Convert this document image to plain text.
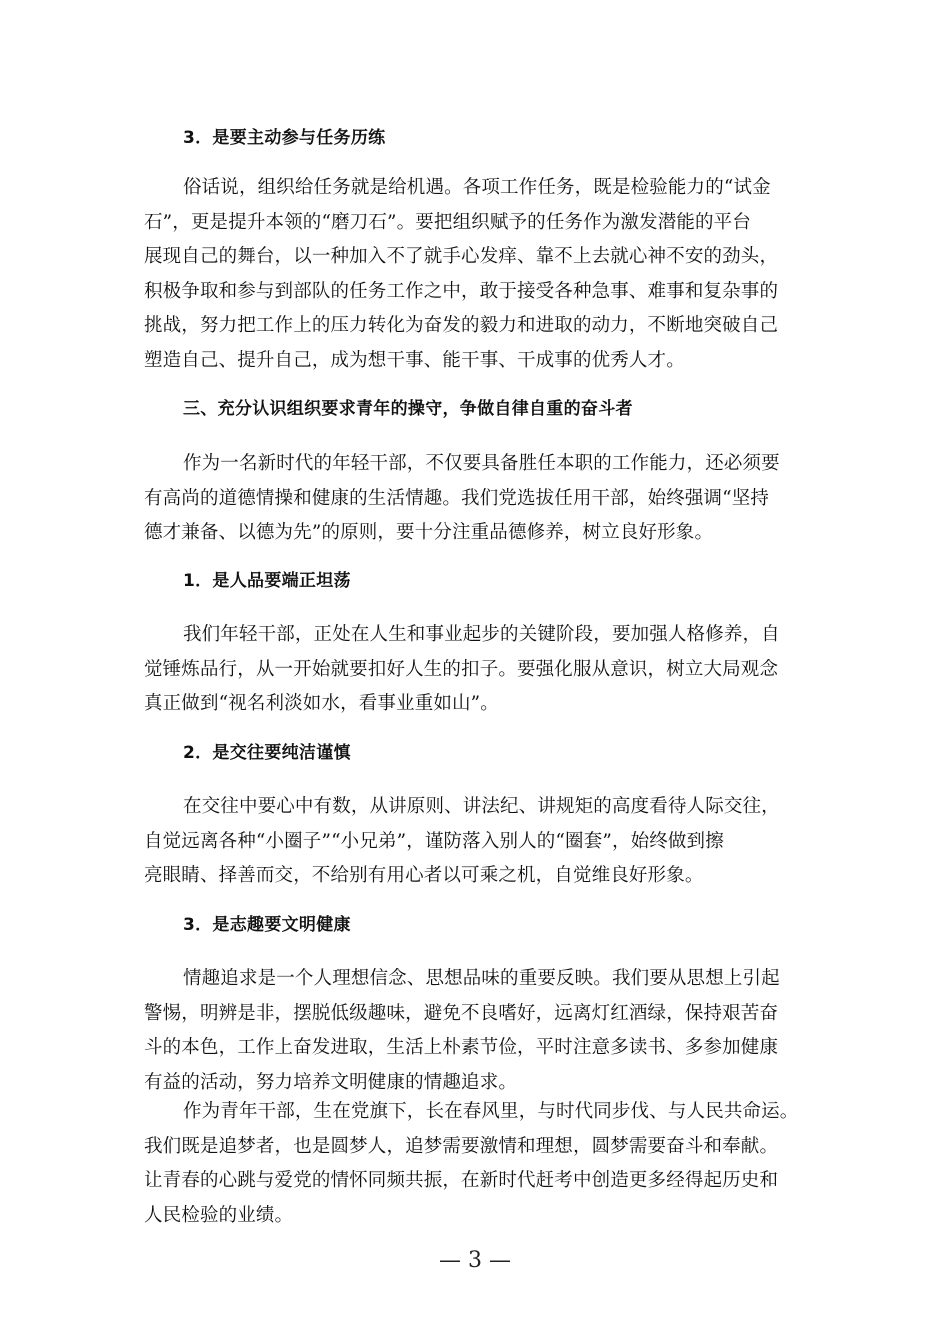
3．是要主动参与任务历练
俗话说，组织给任务就是给机遇。各项工作任务，既是检验能力的“试金
石”，更是提升本领的“磨刀石”。要把组织赋予的任务作为激发潜能的平台
展现自己的舞台，以一种加入不了就手心发痒、靠不上去就心神不安的劲头，
积极争取和参与到部队的任务工作之中，敢于接受各种急事、难事和复杂事的
挑战，努力把工作上的压力转化为奋发的毅力和进取的动力，不断地突破自己
塑造自己、提升自己，成为想干事、能干事、干成事的优秀人才。
三、充分认识组织要求青年的操守，争做自律自重的奋斗者
作为一名新时代的年轻干部，不仅要具备胜任本职的工作能力，还必须要
有高尚的道德情操和健康的生活情趣。我们党选拔任用干部，始终强调“坚持
德才兼备、以德为先”的原则，要十分注重品德修养，树立良好形象。
1．是人品要端正坦荡
我们年轻干部，正处在人生和事业起步的关键阶段，要加强人格修养，自
觉锤炼品行，从一开始就要扣好人生的扣子。要强化服从意识，树立大局观念
真正做到“视名利淡如水，看事业重如山”。
2．是交往要纯洁谨慎
在交往中要心中有数，从讲原则、讲法纪、讲规矩的高度看待人际交往，
自觉远离各种“小圈子”“小兄弟”，谨防落入别人的“圈套”，始终做到擦
亮眼睛、择善而交，不给别有用心者以可乘之机，自觉维良好形象。
3．是志趣要文明健康
情趣追求是一个人理想信念、思想品味的重要反映。我们要从思想上引起
警惕，明辨是非，摆脱低级趣味，避免不良嗜好，远离灯红酒绿，保持艰苦奋
斗的本色，工作上奋发进取，生活上朴素节俭，平时注意多读书、多参加健康
有益的活动，努力培养文明健康的情趣追求。
作为青年干部，生在党旗下，长在春风里，与时代同步伐、与人民共命运。
我们既是追梦者，也是圆梦人，追梦需要激情和理想，圆梦需要奋斗和奉献。
让青春的心跳与爱党的情怀同频共振，在新时代赶考中创造更多经得起历史和
人民检验的业绩。
— 3 —
